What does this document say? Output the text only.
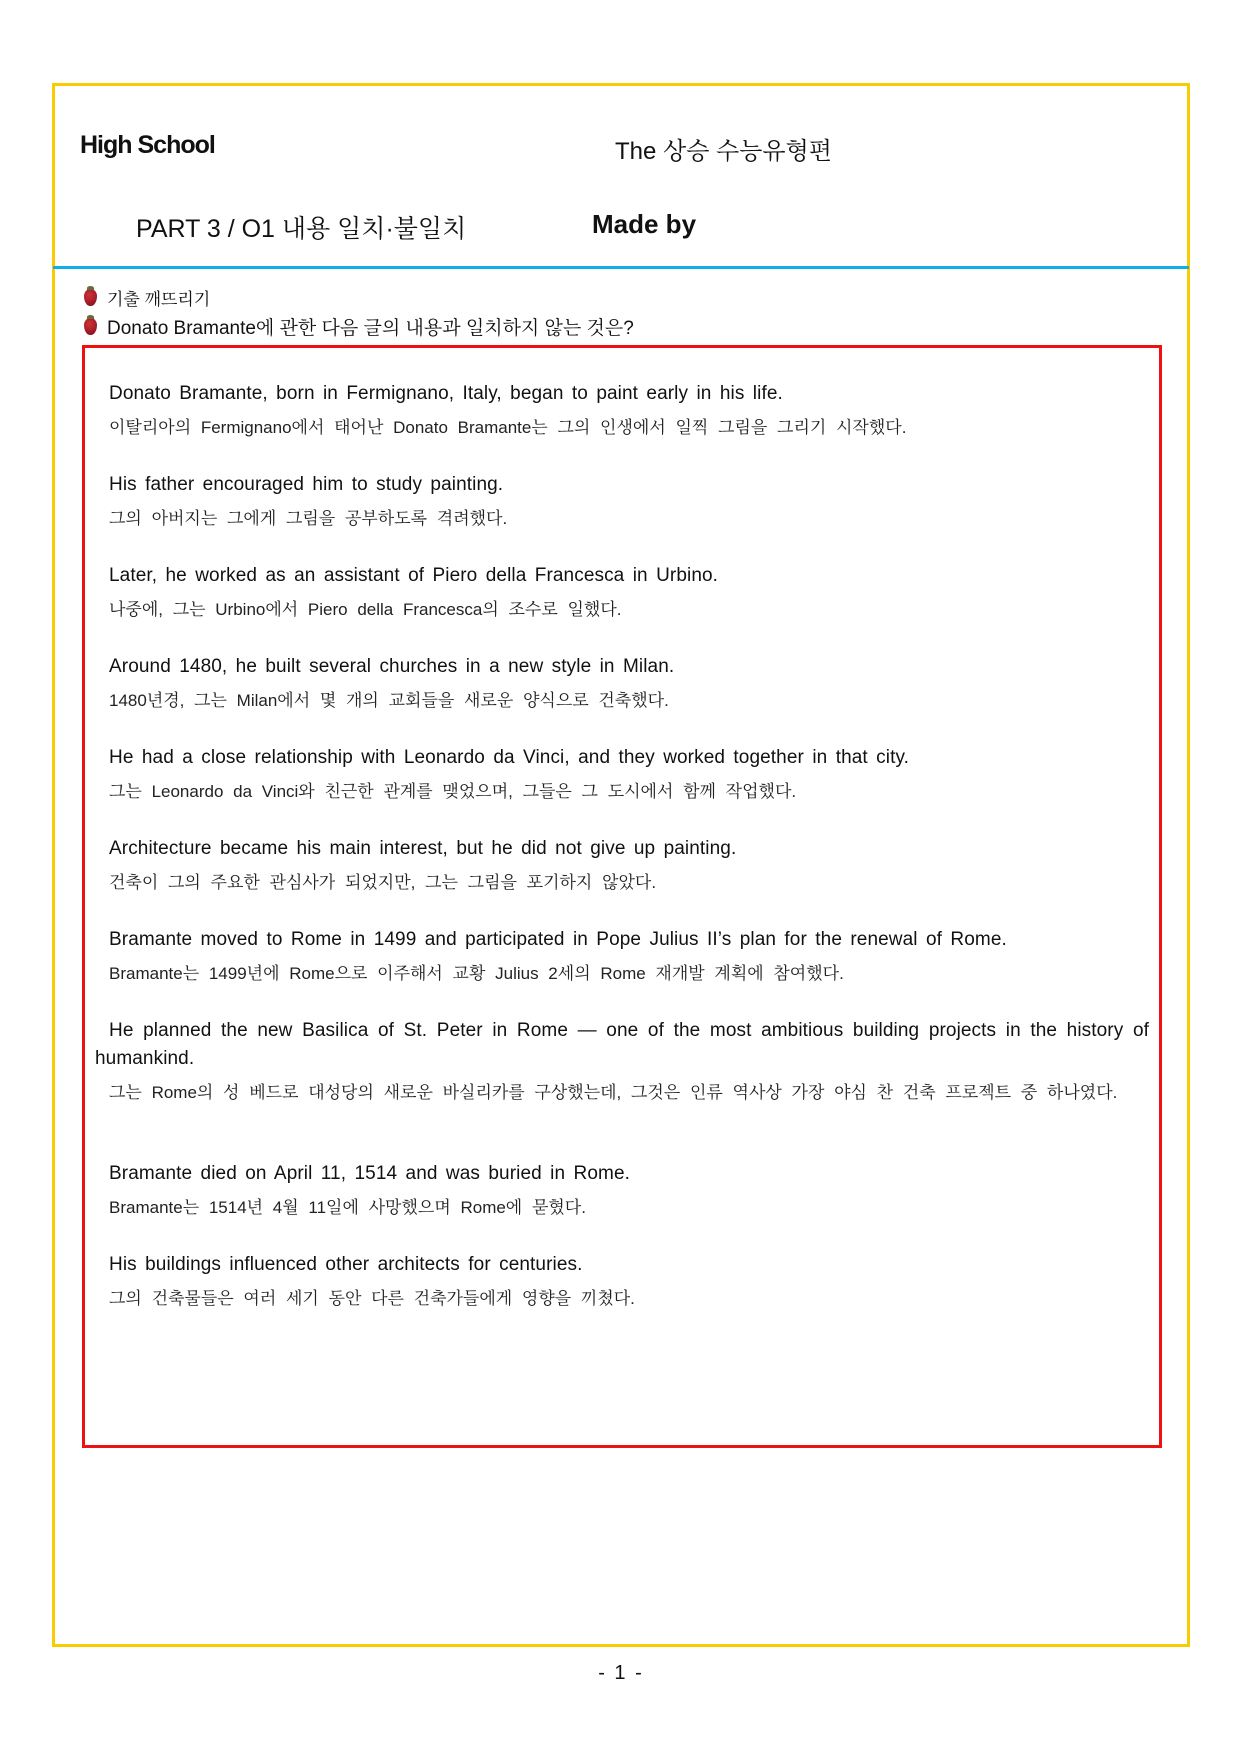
High School	The 상승 수능유형편
PART 3 / O1 내용 일치·불일치	Made by
기출 깨뜨리기
Donato Bramante에 관한 다음 글의 내용과 일치하지 않는 것은?
Donato Bramante, born in Fermignano, Italy, began to paint early in his life.
이탈리아의 Fermignano에서 태어난 Donato Bramante는 그의 인생에서 일찍 그림을 그리기 시작했다.
His father encouraged him to study painting.
그의 아버지는 그에게 그림을 공부하도록 격려했다.
Later, he worked as an assistant of Piero della Francesca in Urbino.
나중에, 그는 Urbino에서 Piero della Francesca의 조수로 일했다.
Around 1480, he built several churches in a new style in Milan.
1480년경, 그는 Milan에서 몇 개의 교회들을 새로운 양식으로 건축했다.
He had a close relationship with Leonardo da Vinci, and they worked together in that city.
그는 Leonardo da Vinci와 친근한 관계를 맺었으며, 그들은 그 도시에서 함께 작업했다.
Architecture became his main interest, but he did not give up painting.
건축이 그의 주요한 관심사가 되었지만, 그는 그림을 포기하지 않았다.
Bramante moved to Rome in 1499 and participated in Pope Julius II’s plan for the renewal of Rome.
Bramante는 1499년에 Rome으로 이주해서 교황 Julius 2세의 Rome 재개발 계획에 참여했다.
He planned the new Basilica of St. Peter in Rome — one of the most ambitious building projects in the history of humankind.
그는 Rome의 성 베드로 대성당의 새로운 바실리카를 구상했는데, 그것은 인류 역사상 가장 야심 찬 건축 프로젝트 중 하나였다.
Bramante died on April 11, 1514 and was buried in Rome.
Bramante는 1514년 4월 11일에 사망했으며 Rome에 묻혔다.
His buildings influenced other architects for centuries.
그의 건축물들은 여러 세기 동안 다른 건축가들에게 영향을 끼쳤다.
- 1 -
